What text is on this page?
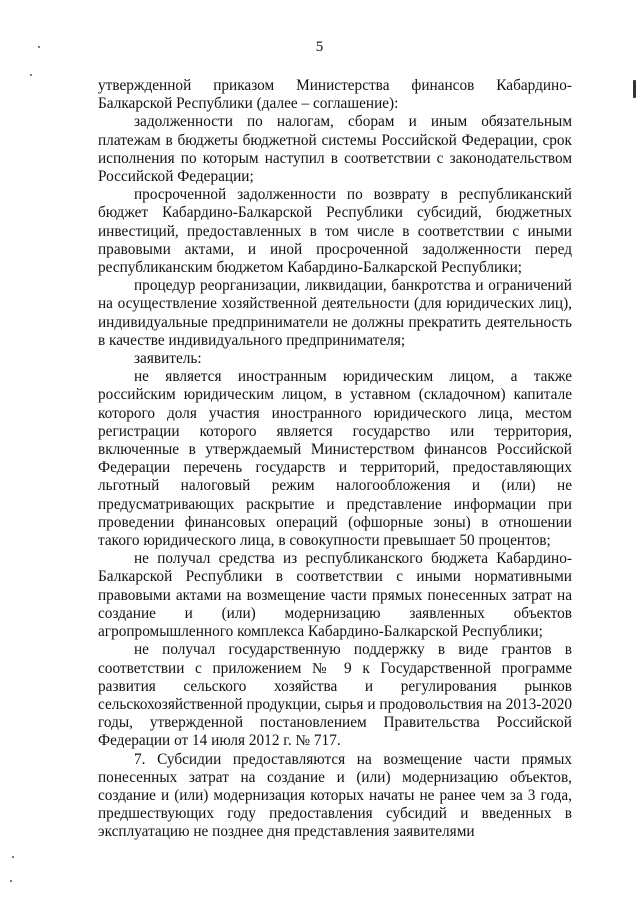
5

утвержденной приказом Министерства финансов Кабардино-Балкарской Республики (далее – соглашение):

задолженности по налогам, сборам и иным обязательным платежам в бюджеты бюджетной системы Российской Федерации, срок исполнения по которым наступил в соответствии с законодательством Российской Федерации;

просроченной задолженности по возврату в республиканский бюджет Кабардино-Балкарской Республики субсидий, бюджетных инвестиций, предоставленных в том числе в соответствии с иными правовыми актами, и иной просроченной задолженности перед республиканским бюджетом Кабардино-Балкарской Республики;

процедур реорганизации, ликвидации, банкротства и ограничений на осуществление хозяйственной деятельности (для юридических лиц), индивидуальные предприниматели не должны прекратить деятельность в качестве индивидуального предпринимателя;

заявитель:

не является иностранным юридическим лицом, а также российским юридическим лицом, в уставном (складочном) капитале которого доля участия иностранного юридического лица, местом регистрации которого является государство или территория, включенные в утверждаемый Министерством финансов Российской Федерации перечень государств и территорий, предоставляющих льготный налоговый режим налогообложения и (или) не предусматривающих раскрытие и представление информации при проведении финансовых операций (офшорные зоны) в отношении такого юридического лица, в совокупности превышает 50 процентов;

не получал средства из республиканского бюджета Кабардино-Балкарской Республики в соответствии с иными нормативными правовыми актами на возмещение части прямых понесенных затрат на создание и (или) модернизацию заявленных объектов агропромышленного комплекса Кабардино-Балкарской Республики;

не получал государственную поддержку в виде грантов в соответствии с приложением № 9 к Государственной программе развития сельского хозяйства и регулирования рынков сельскохозяйственной продукции, сырья и продовольствия на 2013-2020 годы, утвержденной постановлением Правительства Российской Федерации от 14 июля 2012 г. № 717.

7. Субсидии предоставляются на возмещение части прямых понесенных затрат на создание и (или) модернизацию объектов, создание и (или) модернизация которых начаты не ранее чем за 3 года, предшествующих году предоставления субсидий и введенных в эксплуатацию не позднее дня представления заявителями
